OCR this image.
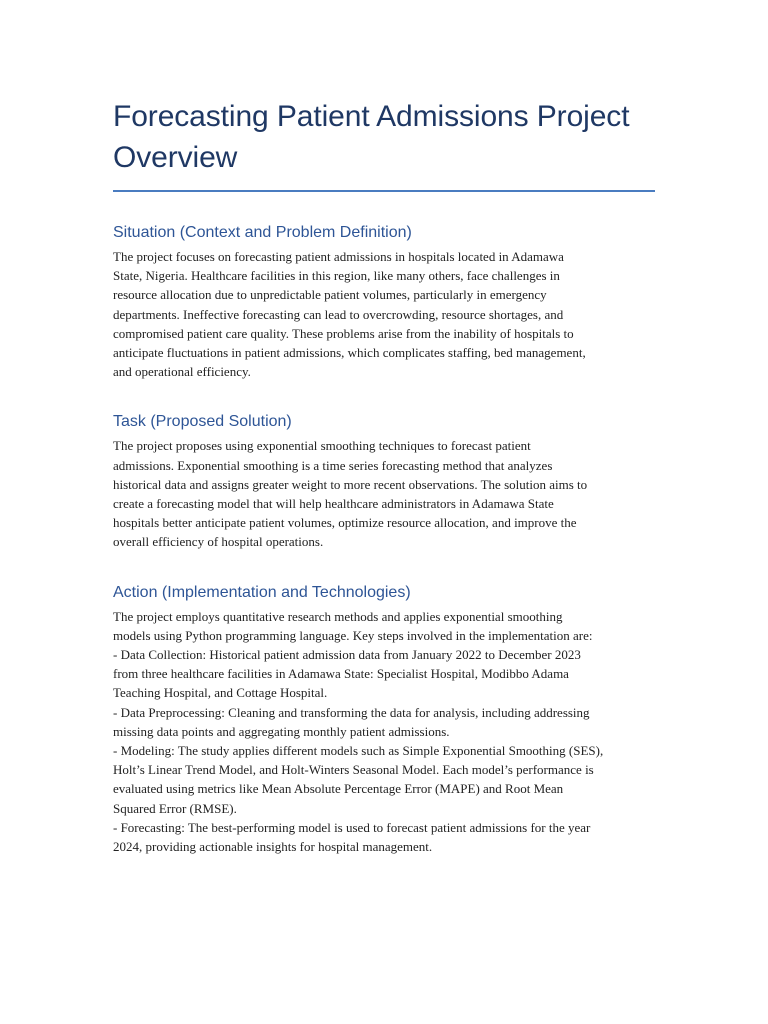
Forecasting Patient Admissions Project
Overview
Situation (Context and Problem Definition)

The project focuses on forecasting patient admissions in hospitals located in Adamawa
State, Nigeria. Healthcare facilities in this region, like many others, face challenges in
resource allocation due to unpredictable patient volumes, particularly in emergency
departments. Ineffective forecasting can lead to overcrowding, resource shortages, and
compromised patient care quality. These problems arise from the inability of hospitals to
anticipate fluctuations in patient admissions, which complicates staffing, bed management,
and operational efficiency.

Task (Proposed Solution)

The project proposes using exponential smoothing techniques to forecast patient
admissions. Exponential smoothing is a time series forecasting method that analyzes
historical data and assigns greater weight to more recent observations. The solution aims to
create a forecasting model that will help healthcare administrators in Adamawa State
hospitals better anticipate patient volumes, optimize resource allocation, and improve the
overall efficiency of hospital operations.

Action (Implementation and Technologies)

The project employs quantitative research methods and applies exponential smoothing
models using Python programming language. Key steps involved in the implementation are:
- Data Collection: Historical patient admission data from January 2022 to December 2023
from three healthcare facilities in Adamawa State: Specialist Hospital, Modibbo Adama
Teaching Hospital, and Cottage Hospital.
- Data Preprocessing: Cleaning and transforming the data for analysis, including addressing
missing data points and aggregating monthly patient admissions.
- Modeling: The study applies different models such as Simple Exponential Smoothing (SES),
Holt’s Linear Trend Model, and Holt-Winters Seasonal Model. Each model’s performance is
evaluated using metrics like Mean Absolute Percentage Error (MAPE) and Root Mean
Squared Error (RMSE).
- Forecasting: The best-performing model is used to forecast patient admissions for the year
2024, providing actionable insights for hospital management.
